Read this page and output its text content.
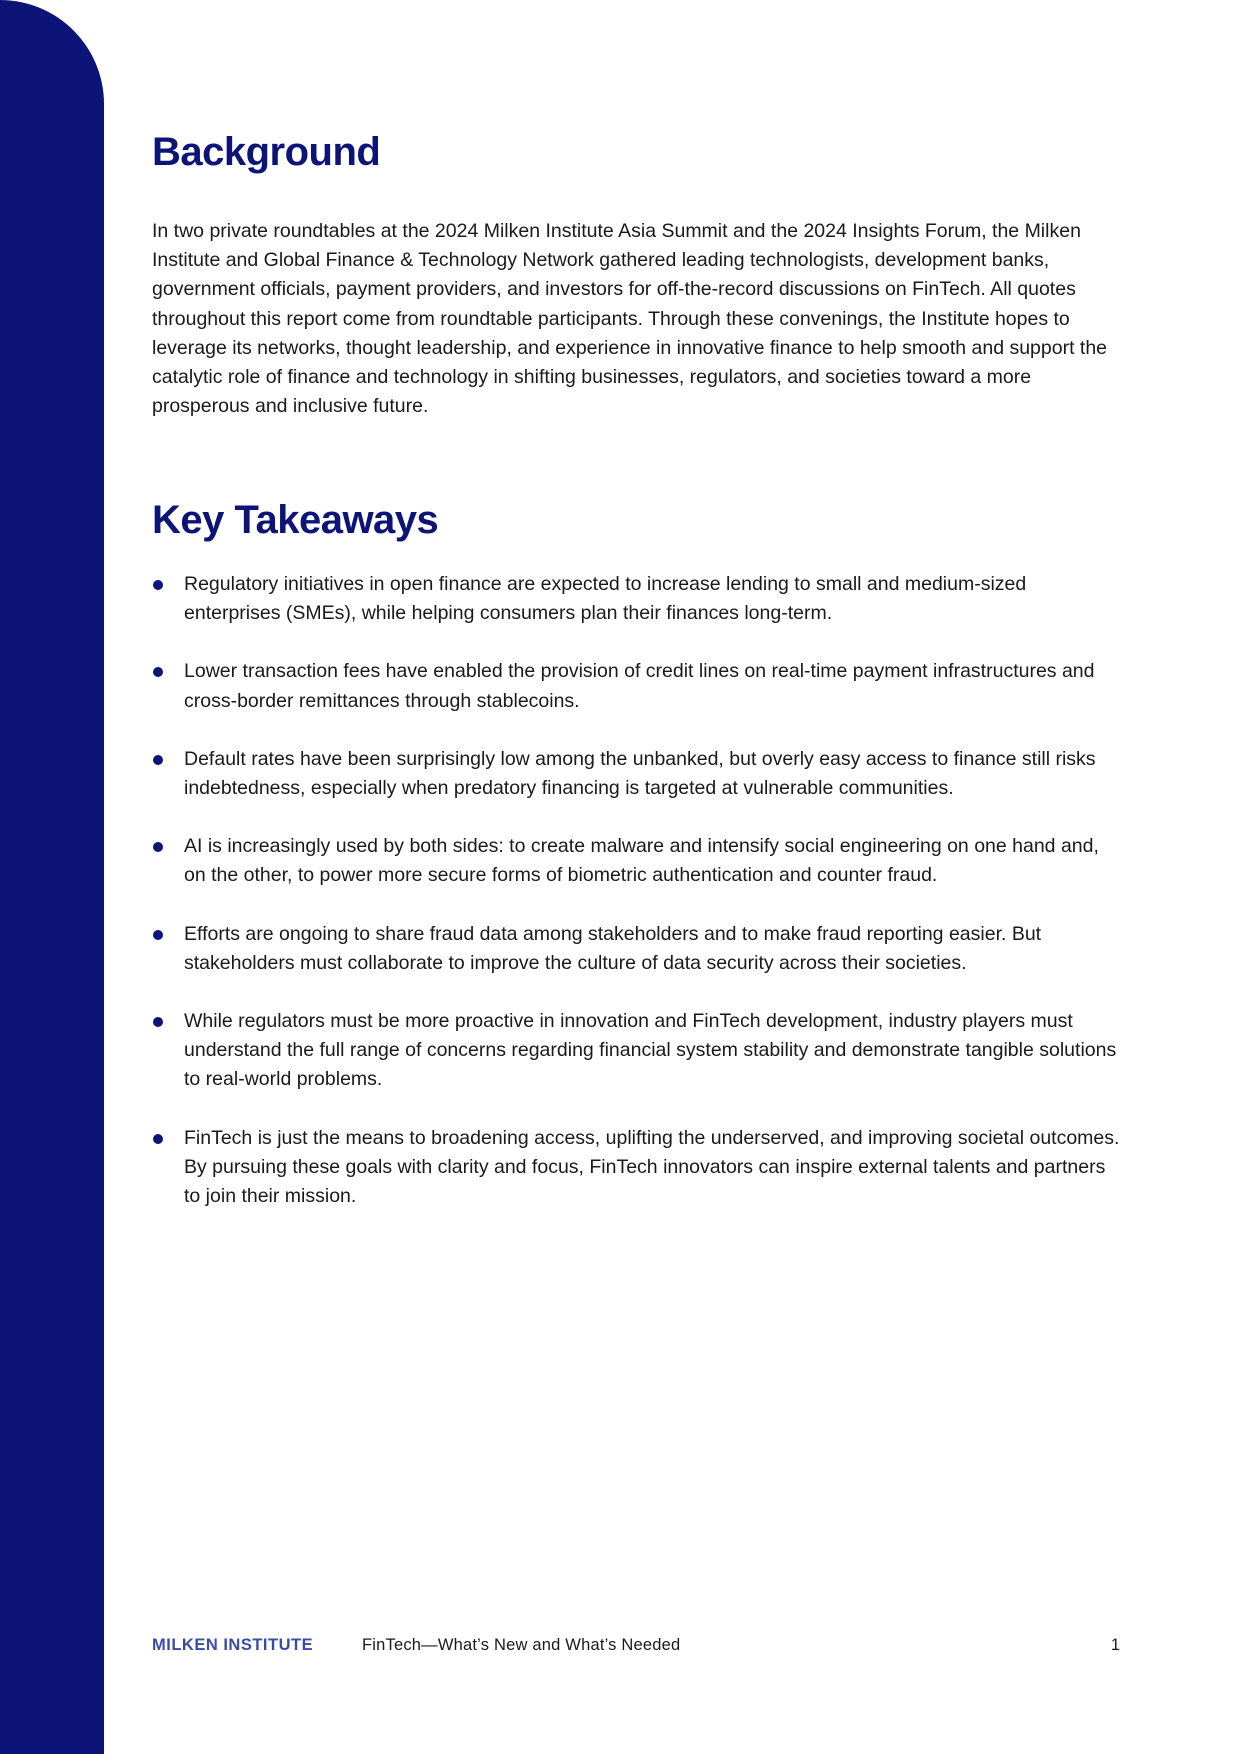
Background

In two private roundtables at the 2024 Milken Institute Asia Summit and the 2024 Insights Forum, the Milken Institute and Global Finance & Technology Network gathered leading technologists, development banks, government officials, payment providers, and investors for off-the-record discussions on FinTech. All quotes throughout this report come from roundtable participants. Through these convenings, the Institute hopes to leverage its networks, thought leadership, and experience in innovative finance to help smooth and support the catalytic role of finance and technology in shifting businesses, regulators, and societies toward a more prosperous and inclusive future.

Key Takeaways
Regulatory initiatives in open finance are expected to increase lending to small and medium-sized enterprises (SMEs), while helping consumers plan their finances long-term.
Lower transaction fees have enabled the provision of credit lines on real-time payment infrastructures and cross-border remittances through stablecoins.
Default rates have been surprisingly low among the unbanked, but overly easy access to finance still risks indebtedness, especially when predatory financing is targeted at vulnerable communities.
AI is increasingly used by both sides: to create malware and intensify social engineering on one hand and, on the other, to power more secure forms of biometric authentication and counter fraud.
Efforts are ongoing to share fraud data among stakeholders and to make fraud reporting easier. But stakeholders must collaborate to improve the culture of data security across their societies.
While regulators must be more proactive in innovation and FinTech development, industry players must understand the full range of concerns regarding financial system stability and demonstrate tangible solutions to real-world problems.
FinTech is just the means to broadening access, uplifting the underserved, and improving societal outcomes. By pursuing these goals with clarity and focus, FinTech innovators can inspire external talents and partners to join their mission.
MILKEN INSTITUTE	FinTech—What’s New and What’s Needed	1
